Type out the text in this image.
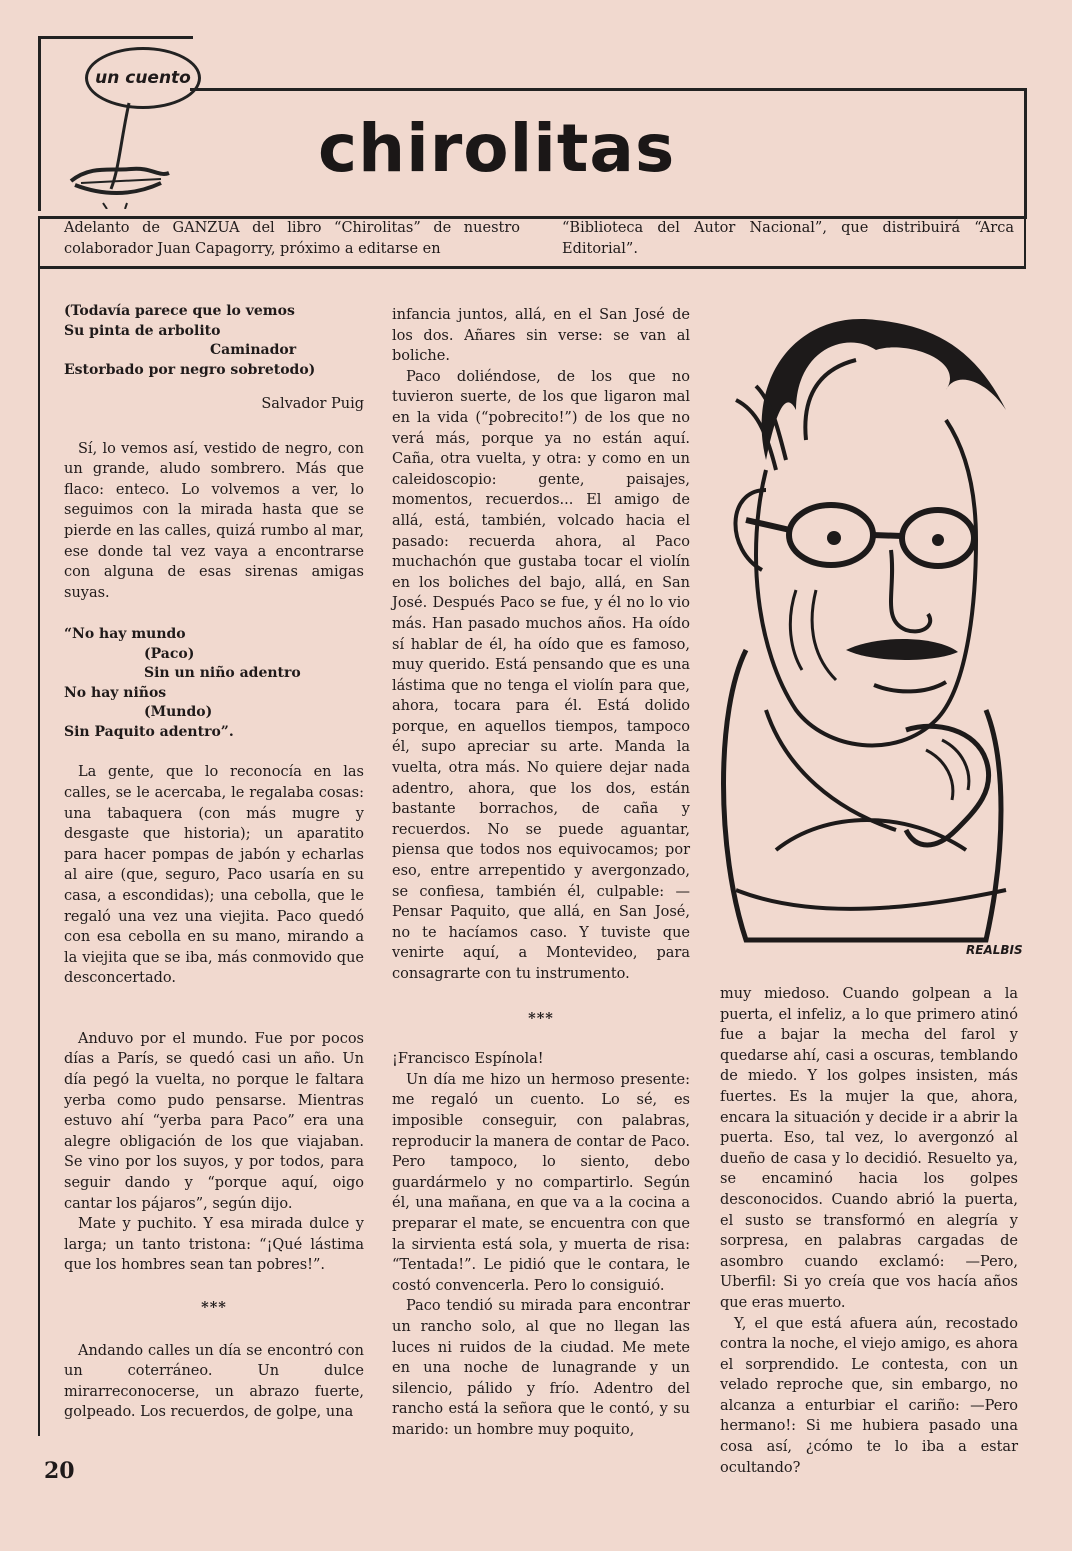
un cuento
chirolitas
Adelanto de GANZUA del libro “Chirolitas” de nuestro colaborador Juan Capagorry, próximo a editarse en
“Biblioteca del Autor Nacional”, que distribuirá “Arca Editorial”.
(Todavía parece que lo vemos
Su pinta de arbolito
Caminador
Estorbado por negro sobretodo)

Salvador Puig

Sí, lo vemos así, vestido de negro, con un grande, aludo sombrero. Más que flaco: enteco. Lo volvemos a ver, lo seguimos con la mirada hasta que se pierde en las calles, quizá rumbo al mar, ese donde tal vez vaya a encontrarse con alguna de esas sirenas amigas suyas.

“No hay mundo
(Paco)
Sin un niño adentro
No hay niños
(Mundo)
Sin Paquito adentro”.

La gente, que lo reconocía en las calles, se le acercaba, le regalaba cosas: una tabaquera (con más mugre y desgaste que historia); un aparatito para hacer pompas de jabón y echarlas al aire (que, seguro, Paco usaría en su casa, a escondidas); una cebolla, que le regaló una vez una viejita. Paco quedó con esa cebolla en su mano, mirando a la viejita que se iba, más conmovido que desconcertado.

Anduvo por el mundo. Fue por pocos días a París, se quedó casi un año. Un día pegó la vuelta, no porque le faltara yerba como pudo pensarse. Mientras estuvo ahí “yerba para Paco” era una alegre obligación de los que viajaban. Se vino por los suyos, y por todos, para seguir dando y “porque aquí, oigo cantar los pájaros”, según dijo.

Mate y puchito. Y esa mirada dulce y larga; un tanto tristona: “¡Qué lástima que los hombres sean tan pobres!”.

***

Andando calles un día se encontró con un coterráneo. Un dulce mirarreconocerse, un abrazo fuerte, golpeado. Los recuerdos, de golpe, una

infancia juntos, allá, en el San José de los dos. Añares sin verse: se van al boliche.

Paco doliéndose, de los que no tuvieron suerte, de los que ligaron mal en la vida (“pobrecito!”) de los que no verá más, porque ya no están aquí. Caña, otra vuelta, y otra: y como en un caleidoscopio: gente, paisajes, momentos, recuerdos... El amigo de allá, está, también, volcado hacia el pasado: recuerda ahora, al Paco muchachón que gustaba tocar el violín en los boliches del bajo, allá, en San José. Después Paco se fue, y él no lo vio más. Han pasado muchos años. Ha oído sí hablar de él, ha oído que es famoso, muy querido. Está pensando que es una lástima que no tenga el violín para que, ahora, tocara para él. Está dolido porque, en aquellos tiempos, tampoco él, supo apreciar su arte. Manda la vuelta, otra más. No quiere dejar nada adentro, ahora, que los dos, están bastante borrachos, de caña y recuerdos. No se puede aguantar, piensa que todos nos equivocamos; por eso, entre arrepentido y avergonzado, se confiesa, también él, culpable: —Pensar Paquito, que allá, en San José, no te hacíamos caso. Y tuviste que venirte aquí, a Montevideo, para consagrarte con tu instrumento.

***

¡Francisco Espínola!

Un día me hizo un hermoso presente: me regaló un cuento. Lo sé, es imposible conseguir, con palabras, reproducir la manera de contar de Paco. Pero tampoco, lo siento, debo guardármelo y no compartirlo. Según él, una mañana, en que va a la cocina a preparar el mate, se encuentra con que la sirvienta está sola, y muerta de risa: “Tentada!”. Le pidió que le contara, le costó convencerla. Pero lo consiguió.

Paco tendió su mirada para encontrar un rancho solo, al que no llegan las luces ni ruidos de la ciudad. Me mete en una noche de lunagrande y un silencio, pálido y frío. Adentro del rancho está la señora que le contó, y su marido: un hombre muy poquito,

REALBIS

muy miedoso. Cuando golpean a la puerta, el infeliz, a lo que primero atinó fue a bajar la mecha del farol y quedarse ahí, casi a oscuras, temblando de miedo. Y los golpes insisten, más fuertes. Es la mujer la que, ahora, encara la situación y decide ir a abrir la puerta. Eso, tal vez, lo avergonzó al dueño de casa y lo decidió. Resuelto ya, se encaminó hacia los golpes desconocidos. Cuando abrió la puerta, el susto se transformó en alegría y sorpresa, en palabras cargadas de asombro cuando exclamó: —Pero, Uberfil: Si yo creía que vos hacía años que eras muerto.

Y, el que está afuera aún, recostado contra la noche, el viejo amigo, es ahora el sorprendido. Le contesta, con un velado reproche que, sin embargo, no alcanza a enturbiar el cariño: —Pero hermano!: Si me hubiera pasado una cosa así, ¿cómo te lo iba a estar ocultando?

20
